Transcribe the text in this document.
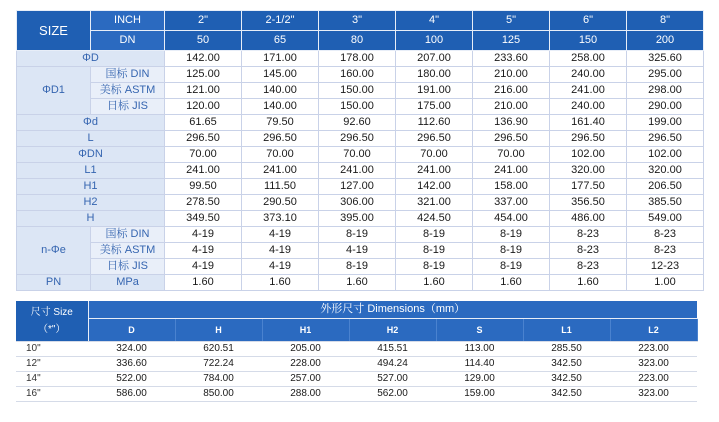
SIZE	INCH	2"	2-1/2"	3"	4"	5"	6"	8"
	DN	50	65	80	100	125	150	200
ΦD		142.00	171.00	178.00	207.00	233.60	258.00	325.60
ΦD1	国标 DIN	125.00	145.00	160.00	180.00	210.00	240.00	295.00
	美标 ASTM	121.00	140.00	150.00	191.00	216.00	241.00	298.00
	日标 JIS	120.00	140.00	150.00	175.00	210.00	240.00	290.00
Φd		61.65	79.50	92.60	112.60	136.90	161.40	199.00
L		296.50	296.50	296.50	296.50	296.50	296.50	296.50
ΦDN		70.00	70.00	70.00	70.00	70.00	102.00	102.00
L1		241.00	241.00	241.00	241.00	241.00	320.00	320.00
H1		99.50	111.50	127.00	142.00	158.00	177.50	206.50
H2		278.50	290.50	306.00	321.00	337.00	356.50	385.50
H		349.50	373.10	395.00	424.50	454.00	486.00	549.00
n-Φe	国标 DIN	4-19	4-19	8-19	8-19	8-19	8-23	8-23
	美标 ASTM	4-19	4-19	4-19	8-19	8-19	8-23	8-23
	日标 JIS	4-19	4-19	8-19	8-19	8-19	8-23	12-23
PN	MPa	1.60	1.60	1.60	1.60	1.60	1.60	1.00
尺寸 Size
（*"）	外形尺寸 Dimensions（mm）						
	D	H	H1	H2	S	L1	L2
10"	324.00	620.51	205.00	415.51	113.00	285.50	223.00
12"	336.60	722.24	228.00	494.24	114.40	342.50	323.00
14"	522.00	784.00	257.00	527.00	129.00	342.50	223.00
16"	586.00	850.00	288.00	562.00	159.00	342.50	323.00
